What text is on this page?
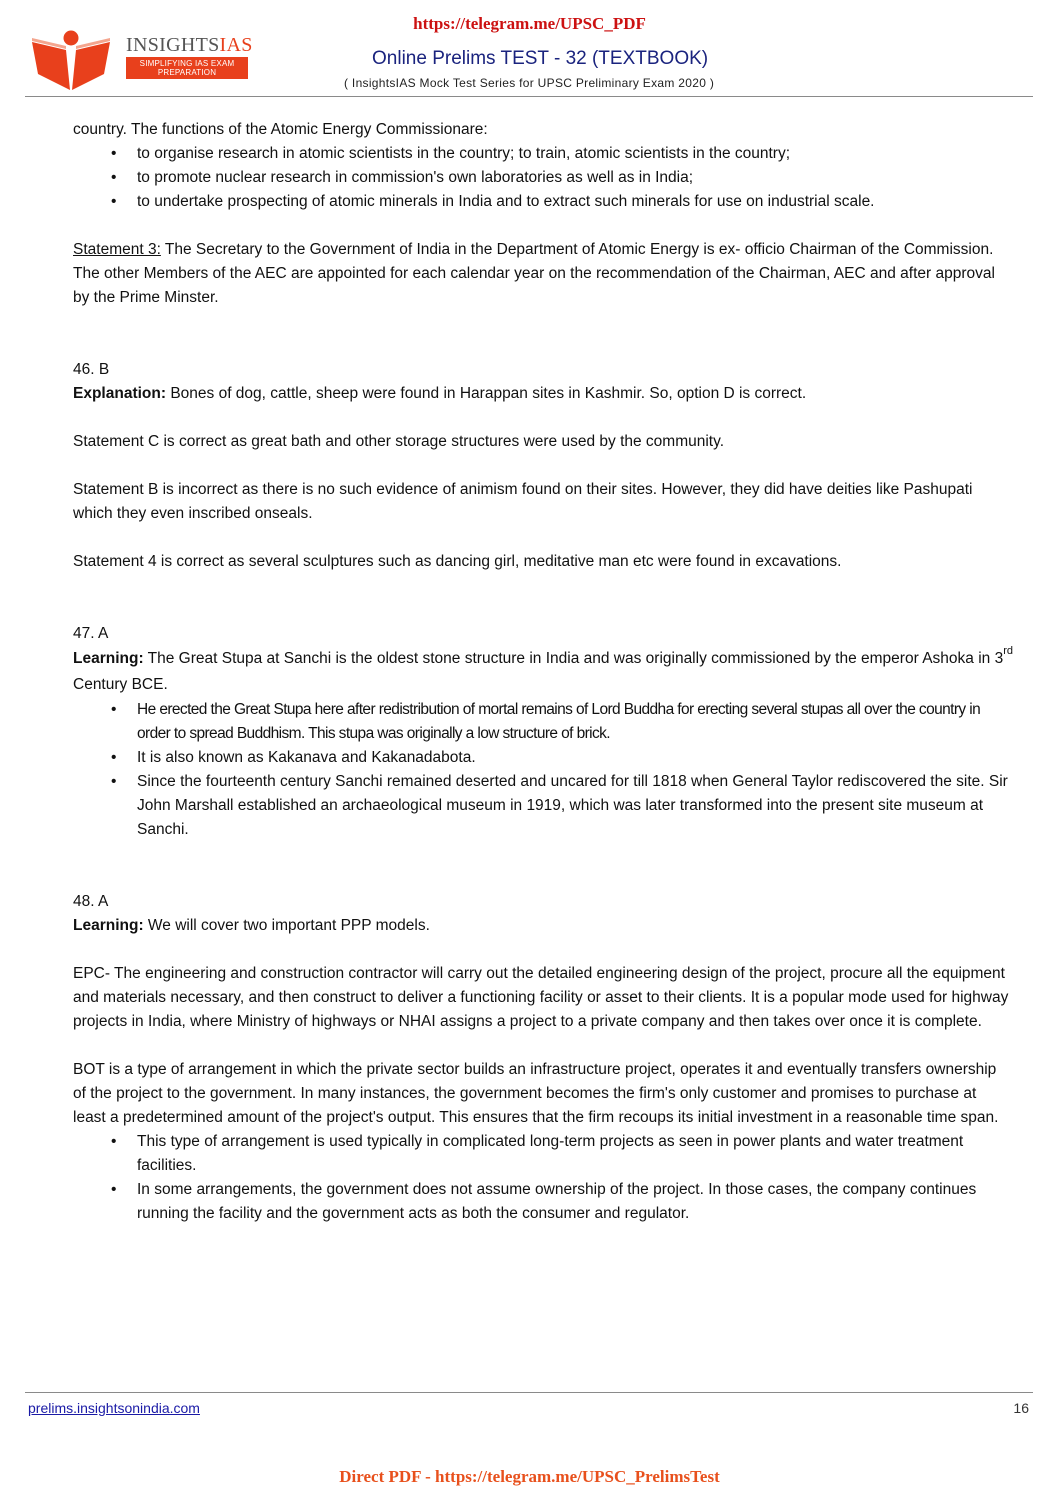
https://telegram.me/UPSC_PDF
INSIGHTSIAS
SIMPLIFYING IAS EXAM
PREPARATION
Online Prelims TEST - 32 (TEXTBOOK)
( InsightsIAS Mock Test Series for UPSC Preliminary Exam 2020 )

country. The functions of the Atomic Energy Commissionare:

• to organise research in atomic scientists in the country; to train, atomic scientists in the country;
• to promote nuclear research in commission's own laboratories as well as in India;
• to undertake prospecting of atomic minerals in India and to extract such minerals for use on industrial scale.

Statement 3: The Secretary to the Government of India in the Department of Atomic Energy is ex- officio Chairman of the Commission. The other Members of the AEC are appointed for each calendar year on the recommendation of the Chairman, AEC and after approval by the Prime Minster.

46. B

Explanation: Bones of dog, cattle, sheep were found in Harappan sites in Kashmir. So, option D is correct.

Statement C is correct as great bath and other storage structures were used by the community.

Statement B is incorrect as there is no such evidence of animism found on their sites. However, they did have deities like Pashupati which they even inscribed onseals.

Statement 4 is correct as several sculptures such as dancing girl, meditative man etc were found in excavations.

47. A

Learning: The Great Stupa at Sanchi is the oldest stone structure in India and was originally commissioned by the emperor Ashoka in 3rd Century BCE.

• He erected the Great Stupa here after redistribution of mortal remains of Lord Buddha for erecting several stupas all over the country in order to spread Buddhism. This stupa was originally a low structure of brick.
• It is also known as Kakanava and Kakanadabota.
• Since the fourteenth century Sanchi remained deserted and uncared for till 1818 when General Taylor rediscovered the site. Sir John Marshall established an archaeological museum in 1919, which was later transformed into the present site museum at Sanchi.

48. A

Learning: We will cover two important PPP models.

EPC- The engineering and construction contractor will carry out the detailed engineering design of the project, procure all the equipment and materials necessary, and then construct to deliver a functioning facility or asset to their clients. It is a popular mode used for highway projects in India, where Ministry of highways or NHAI assigns a project to a private company and then takes over once it is complete.

BOT is a type of arrangement in which the private sector builds an infrastructure project, operates it and eventually transfers ownership of the project to the government. In many instances, the government becomes the firm's only customer and promises to purchase at least a predetermined amount of the project's output. This ensures that the firm recoups its initial investment in a reasonable time span.

• This type of arrangement is used typically in complicated long-term projects as seen in power plants and water treatment facilities.
• In some arrangements, the government does not assume ownership of the project. In those cases, the company continues running the facility and the government acts as both the consumer and regulator.
prelims.insightsonindia.com	16
Direct PDF - https://telegram.me/UPSC_PrelimsTest
